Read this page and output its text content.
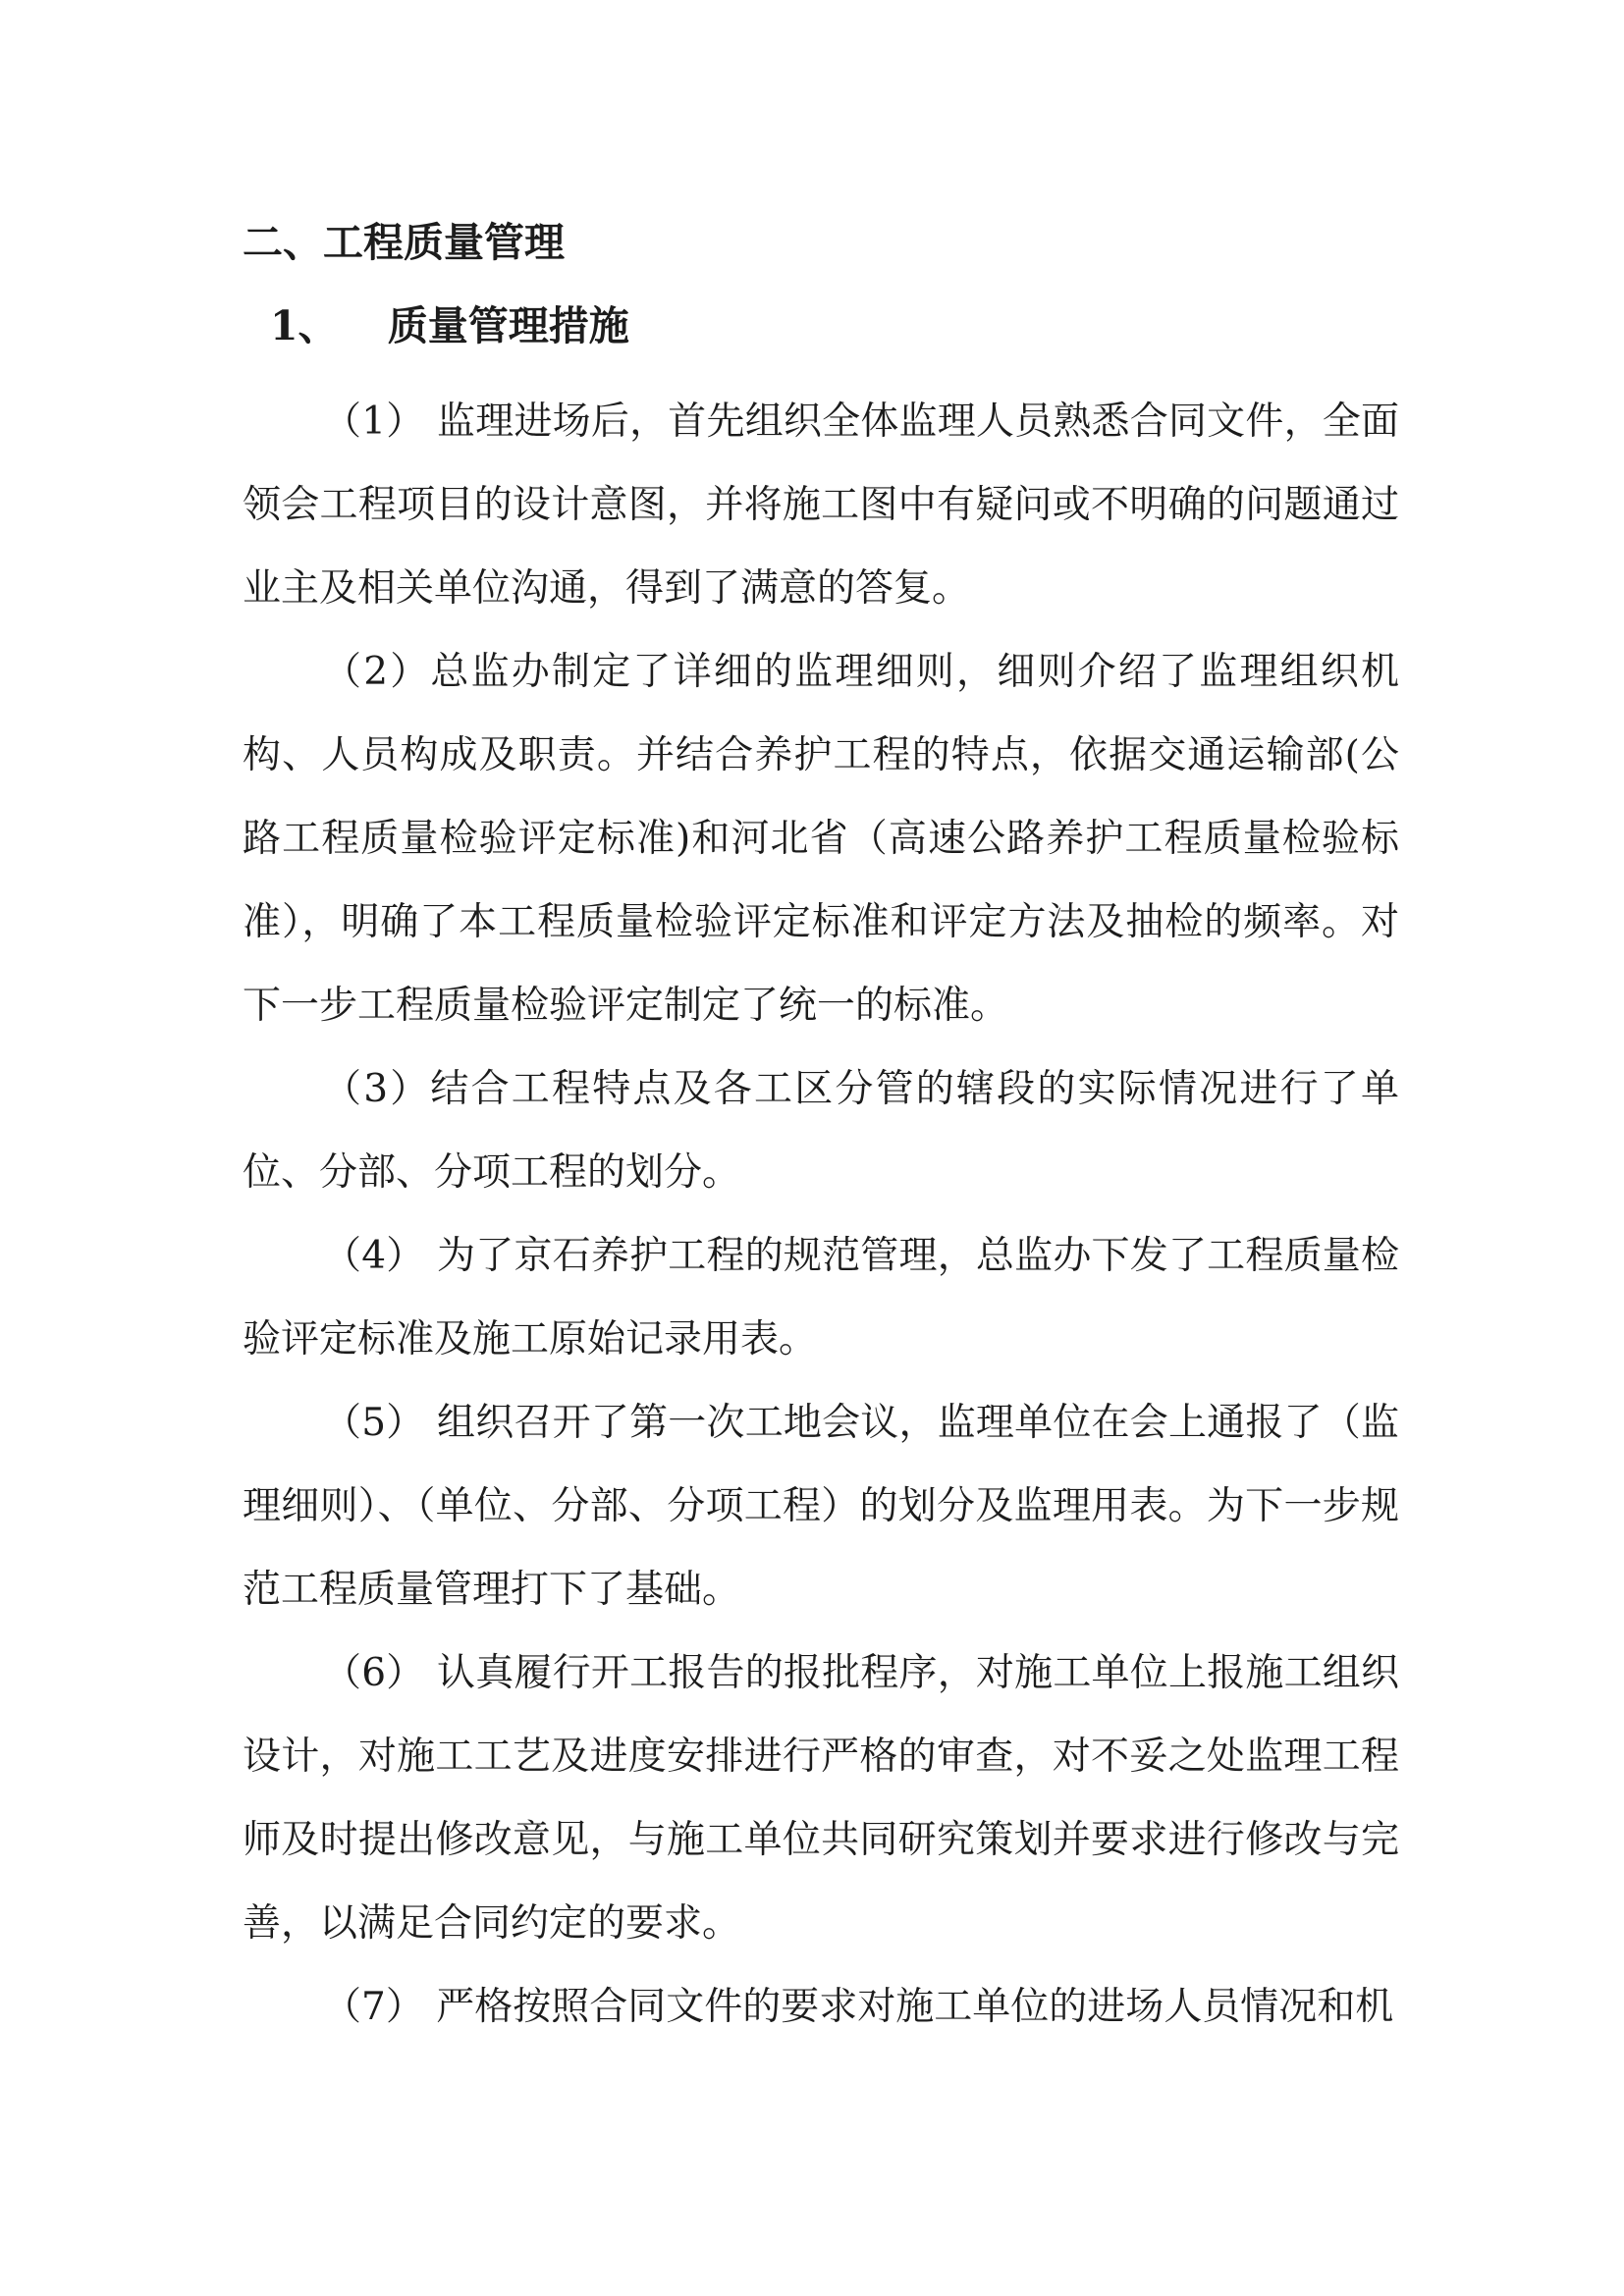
二、工程质量管理
1、 质量管理措施

（1） 监理进场后，首先组织全体监理人员熟悉合同文件，全面领会工程项目的设计意图，并将施工图中有疑问或不明确的问题通过业主及相关单位沟通，得到了满意的答复。

（2）总监办制定了详细的监理细则，细则介绍了监理组织机构、人员构成及职责。并结合养护工程的特点，依据交通运输部(公路工程质量检验评定标准)和河北省（高速公路养护工程质量检验标准），明确了本工程质量检验评定标准和评定方法及抽检的频率。对下一步工程质量检验评定制定了统一的标准。

（3）结合工程特点及各工区分管的辖段的实际情况进行了单位、分部、分项工程的划分。

（4） 为了京石养护工程的规范管理，总监办下发了工程质量检验评定标准及施工原始记录用表。

（5） 组织召开了第一次工地会议，监理单位在会上通报了（监理细则）、（单位、分部、分项工程）的划分及监理用表。为下一步规范工程质量管理打下了基础。

（6） 认真履行开工报告的报批程序，对施工单位上报施工组织设计，对施工工艺及进度安排进行严格的审查，对不妥之处监理工程师及时提出修改意见，与施工单位共同研究策划并要求进行修改与完善，以满足合同约定的要求。

（7） 严格按照合同文件的要求对施工单位的进场人员情况和机
